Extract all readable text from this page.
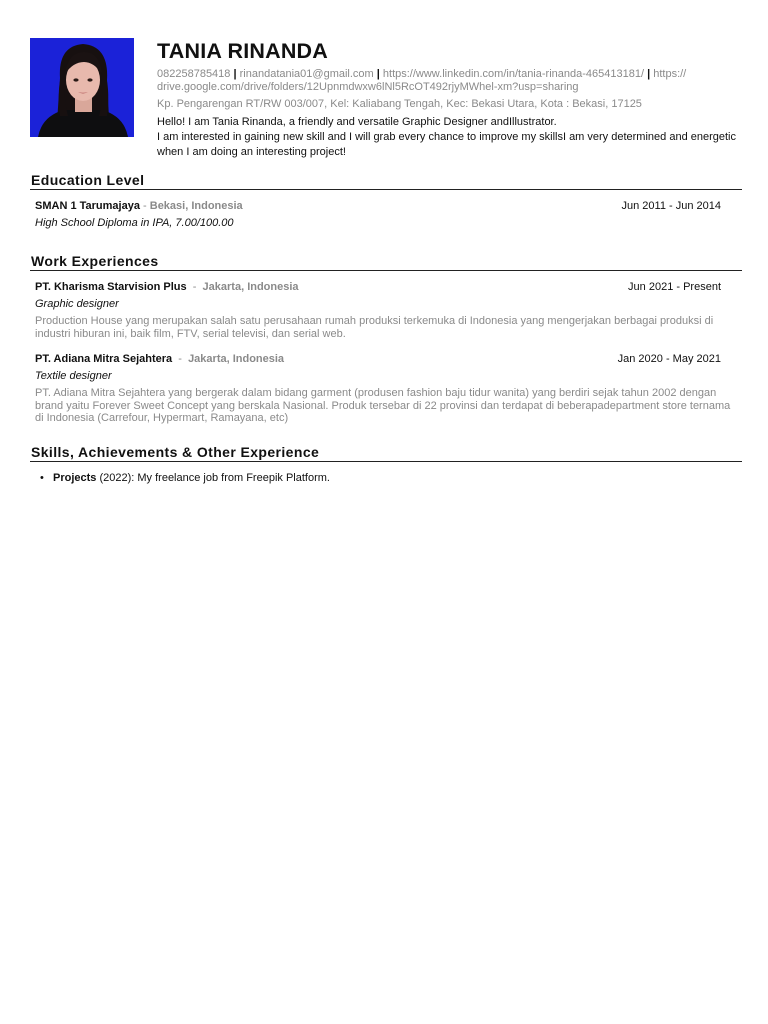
TANIA RINANDA
082258785418 | rinandatania01@gmail.com | https://www.linkedin.com/in/tania-rinanda-465413181/ | https:// drive.google.com/drive/folders/12Upnmdwxw6lNl5RcOT492rjyMWhel-xm?usp=sharing
Kp. Pengarengan RT/RW 003/007, Kel: Kaliabang Tengah, Kec: Bekasi Utara, Kota : Bekasi, 17125
Hello! I am Tania Rinanda, a friendly and versatile Graphic Designer andIllustrator.
I am interested in gaining new skill and I will grab every chance to improve my skillsI am very determined and energetic when I am doing an interesting project!
Education Level
SMAN 1 Tarumajaya - Bekasi, Indonesia	Jun 2011 - Jun 2014
High School Diploma in IPA, 7.00/100.00
Work Experiences
PT. Kharisma Starvision Plus - Jakarta, Indonesia	Jun 2021 - Present
Graphic designer
Production House yang merupakan salah satu perusahaan rumah produksi terkemuka di Indonesia yang mengerjakan berbagai produksi di industri hiburan ini, baik film, FTV, serial televisi, dan serial web.
PT. Adiana Mitra Sejahtera - Jakarta, Indonesia	Jan 2020 - May 2021
Textile designer
PT. Adiana Mitra Sejahtera yang bergerak dalam bidang garment (produsen fashion baju tidur wanita) yang berdiri sejak tahun 2002 dengan brand yaitu Forever Sweet Concept yang berskala Nasional. Produk tersebar di 22 provinsi dan terdapat di beberapadepartment store ternama di Indonesia (Carrefour, Hypermart, Ramayana, etc)
Skills, Achievements & Other Experience
• Projects (2022): My freelance job from Freepik Platform.
